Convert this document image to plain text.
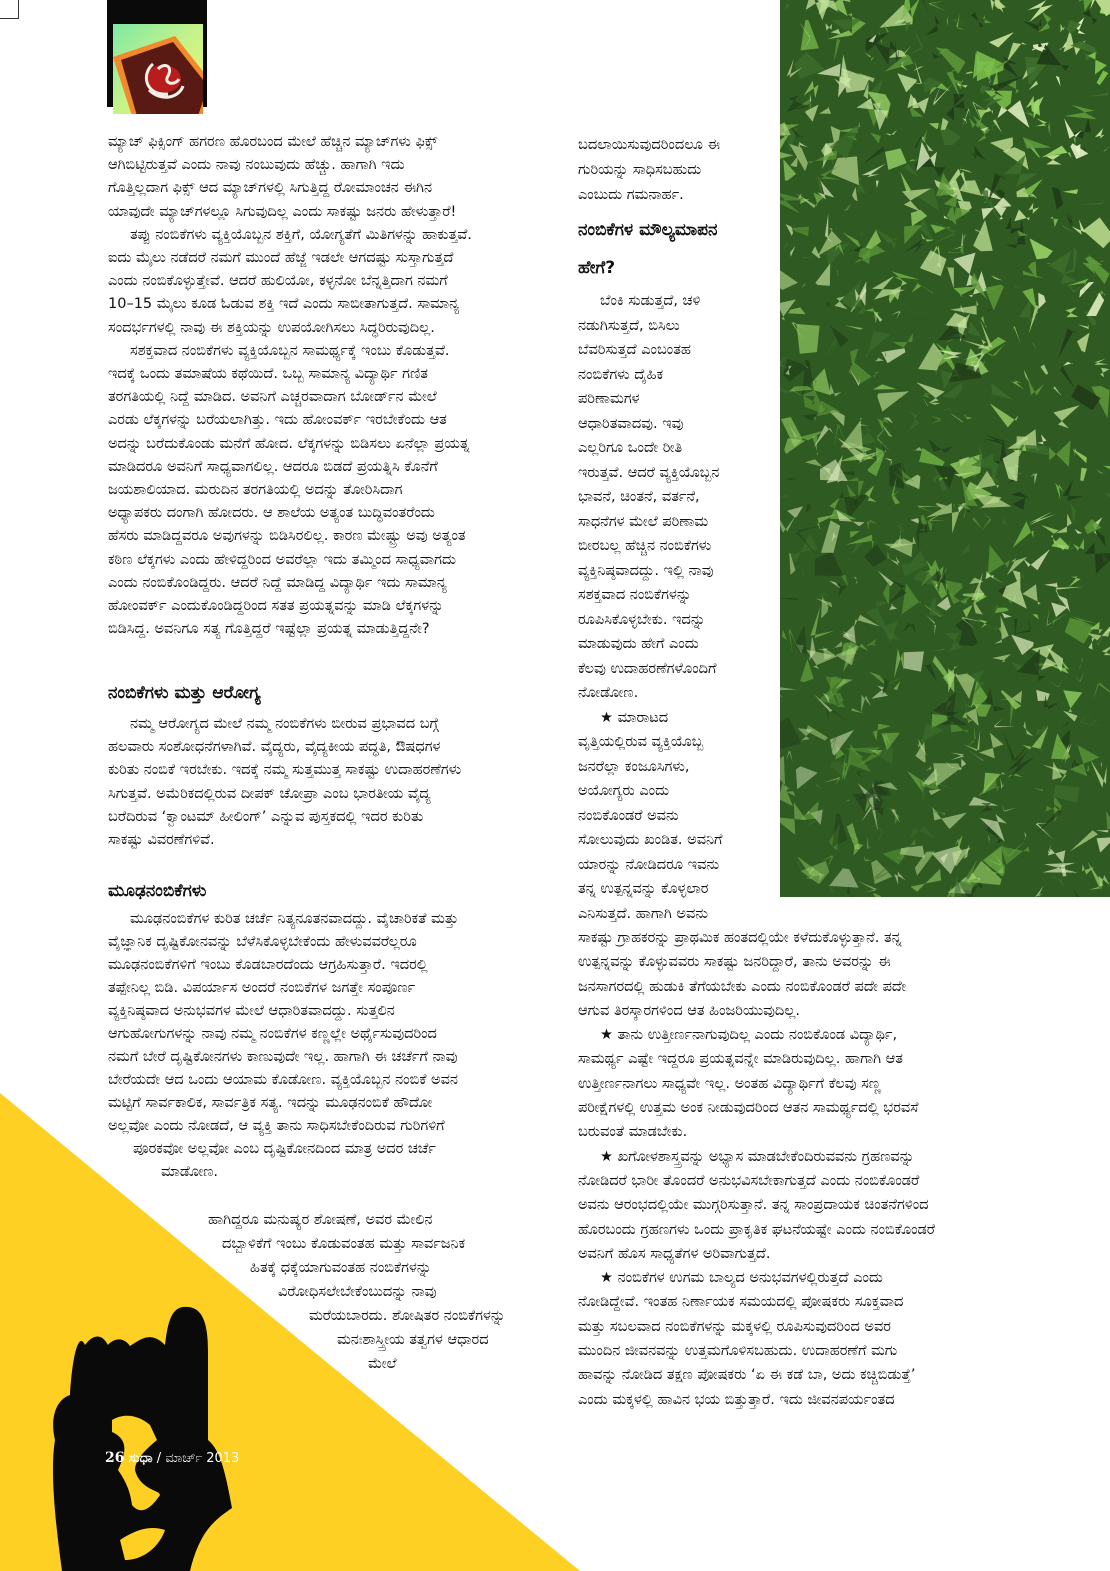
ಮ್ಯಾಚ್ ಫಿಕ್ಸಿಂಗ್ ಹಗರಣ ಹೊರಬಂದ ಮೇಲೆ ಹೆಚ್ಚಿನ ಮ್ಯಾಚ್‌ಗಳು ಫಿಕ್ಸ್
ಆಗಿಬಿಟ್ಟಿರುತ್ತವೆ ಎಂದು ನಾವು ನಂಬುವುದು ಹೆಚ್ಚು. ಹಾಗಾಗಿ ಇದು
ಗೊತ್ತಿಲ್ಲದಾಗ ಫಿಕ್ಸ್ ಆದ ಮ್ಯಾಚ್‌ಗಳಲ್ಲಿ ಸಿಗುತ್ತಿದ್ದ ರೋಮಾಂಚನ ಈಗಿನ
ಯಾವುದೇ ಮ್ಯಾಚ್‌ಗಳಲ್ಲೂ ಸಿಗುವುದಿಲ್ಲ ಎಂದು ಸಾಕಷ್ಟು ಜನರು ಹೇಳುತ್ತಾರೆ!
ತಪ್ಪು ನಂಬಿಕೆಗಳು ವ್ಯಕ್ತಿಯೊಬ್ಬನ ಶಕ್ತಿಗೆ, ಯೋಗ್ಯತೆಗೆ ಮಿತಿಗಳನ್ನು ಹಾಕುತ್ತವೆ.
ಐದು ಮೈಲು ನಡೆದರೆ ನಮಗೆ ಮುಂದೆ ಹೆಜ್ಜೆ ಇಡಲೇ ಆಗದಷ್ಟು ಸುಸ್ತಾಗುತ್ತದೆ
ಎಂದು ನಂಬಿಕೊಳ್ಳುತ್ತೇವೆ. ಆದರೆ ಹುಲಿಯೋ, ಕಳ್ಳನೋ ಬೆನ್ನತ್ತಿದಾಗ ನಮಗೆ
10–15 ಮೈಲು ಕೂಡ ಓಡುವ ಶಕ್ತಿ ಇದೆ ಎಂದು ಸಾಬೀತಾಗುತ್ತದೆ. ಸಾಮಾನ್ಯ
ಸಂದರ್ಭಗಳಲ್ಲಿ ನಾವು ಈ ಶಕ್ತಿಯನ್ನು ಉಪಯೋಗಿಸಲು ಸಿದ್ಧರಿರುವುದಿಲ್ಲ.
ಸಶಕ್ತವಾದ ನಂಬಿಕೆಗಳು ವ್ಯಕ್ತಿಯೊಬ್ಬನ ಸಾಮರ್ಥ್ಯಕ್ಕೆ ಇಂಬು ಕೊಡುತ್ತವೆ.
ಇದಕ್ಕೆ ಒಂದು ತಮಾಷೆಯ ಕಥೆಯಿದೆ. ಒಬ್ಬ ಸಾಮಾನ್ಯ ವಿದ್ಯಾರ್ಥಿ ಗಣಿತ
ತರಗತಿಯಲ್ಲಿ ನಿದ್ದೆ ಮಾಡಿದ. ಅವನಿಗೆ ಎಚ್ಚರವಾದಾಗ ಬೋರ್ಡ್‌ನ ಮೇಲೆ
ಎರಡು ಲೆಕ್ಕಗಳನ್ನು ಬರೆಯಲಾಗಿತ್ತು. ಇದು ಹೋಂವರ್ಕ್ ಇರಬೇಕೆಂದು ಆತ
ಅದನ್ನು ಬರೆದುಕೊಂಡು ಮನೆಗೆ ಹೋದ. ಲೆಕ್ಕಗಳನ್ನು ಬಿಡಿಸಲು ಏನೆಲ್ಲಾ ಪ್ರಯತ್ನ
ಮಾಡಿದರೂ ಅವನಿಗೆ ಸಾಧ್ಯವಾಗಲಿಲ್ಲ. ಆದರೂ ಬಿಡದೆ ಪ್ರಯತ್ನಿಸಿ ಕೊನೆಗೆ
ಜಯಶಾಲಿಯಾದ. ಮರುದಿನ ತರಗತಿಯಲ್ಲಿ ಅದನ್ನು ತೋರಿಸಿದಾಗ
ಅಧ್ಯಾಪಕರು ದಂಗಾಗಿ ಹೋದರು. ಆ ಶಾಲೆಯ ಅತ್ಯಂತ ಬುದ್ಧಿವಂತರೆಂದು
ಹೆಸರು ಮಾಡಿದ್ದವರೂ ಅವುಗಳನ್ನು ಬಿಡಿಸಿರಲಿಲ್ಲ. ಕಾರಣ ಮೇಷ್ಟ್ರು ಅವು ಅತ್ಯಂತ
ಕಠಿಣ ಲೆಕ್ಕಗಳು ಎಂದು ಹೇಳಿದ್ದರಿಂದ ಅವರೆಲ್ಲಾ ಇದು ತಮ್ಮಿಂದ ಸಾಧ್ಯವಾಗದು
ಎಂದು ನಂಬಿಕೊಂಡಿದ್ದರು. ಆದರೆ ನಿದ್ದೆ ಮಾಡಿದ್ದ ವಿದ್ಯಾರ್ಥಿ ಇದು ಸಾಮಾನ್ಯ
ಹೋಂವರ್ಕ್ ಎಂದುಕೊಂಡಿದ್ದರಿಂದ ಸತತ ಪ್ರಯತ್ನವನ್ನು ಮಾಡಿ ಲೆಕ್ಕಗಳನ್ನು
ಬಿಡಿಸಿದ್ದ. ಅವನಿಗೂ ಸತ್ಯ ಗೊತ್ತಿದ್ದರೆ ಇಷ್ಟೆಲ್ಲಾ ಪ್ರಯತ್ನ ಮಾಡುತ್ತಿದ್ದನೇ?
ನಂಬಿಕೆಗಳು ಮತ್ತು ಆರೋಗ್ಯ
ನಮ್ಮ ಆರೋಗ್ಯದ ಮೇಲೆ ನಮ್ಮ ನಂಬಿಕೆಗಳು ಬೀರುವ ಪ್ರಭಾವದ ಬಗ್ಗೆ
ಹಲವಾರು ಸಂಶೋಧನೆಗಳಾಗಿವೆ. ವೈದ್ಯರು, ವೈದ್ಯಕೀಯ ಪದ್ಧತಿ, ಔಷಧಗಳ
ಕುರಿತು ನಂಬಿಕೆ ಇರಬೇಕು. ಇದಕ್ಕೆ ನಮ್ಮ ಸುತ್ತಮುತ್ತ ಸಾಕಷ್ಟು ಉದಾಹರಣೆಗಳು
ಸಿಗುತ್ತವೆ. ಅಮೆರಿಕದಲ್ಲಿರುವ ದೀಪಕ್ ಚೋಪ್ರಾ ಎಂಬ ಭಾರತೀಯ ವೈದ್ಯ
ಬರೆದಿರುವ ‘ಕ್ವಾಂಟಮ್ ಹೀಲಿಂಗ್’ ಎನ್ನುವ ಪುಸ್ತಕದಲ್ಲಿ ಇದರ ಕುರಿತು
ಸಾಕಷ್ಟು ವಿವರಣೆಗಳಿವೆ.
ಮೂಢನಂಬಿಕೆಗಳು
ಮೂಢನಂಬಿಕೆಗಳ ಕುರಿತ ಚರ್ಚೆ ನಿತ್ಯನೂತನವಾದದ್ದು. ವೈಚಾರಿಕತೆ ಮತ್ತು
ವೈಜ್ಞಾನಿಕ ದೃಷ್ಟಿಕೋನವನ್ನು ಬೆಳೆಸಿಕೊಳ್ಳಬೇಕೆಂದು ಹೇಳುವವರೆಲ್ಲರೂ
ಮೂಢನಂಬಿಕೆಗಳಿಗೆ ಇಂಬು ಕೊಡಬಾರದೆಂದು ಆಗ್ರಹಿಸುತ್ತಾರೆ. ಇದರಲ್ಲಿ
ತಪ್ಪೇನಿಲ್ಲ ಬಿಡಿ. ವಿಪರ್ಯಾಸ ಅಂದರೆ ನಂಬಿಕೆಗಳ ಜಗತ್ತೇ ಸಂಪೂರ್ಣ
ವ್ಯಕ್ತಿನಿಷ್ಠವಾದ ಅನುಭವಗಳ ಮೇಲೆ ಆಧಾರಿತವಾದದ್ದು. ಸುತ್ತಲಿನ
ಆಗುಹೋಗುಗಳನ್ನು ನಾವು ನಮ್ಮ ನಂಬಿಕೆಗಳ ಕಣ್ಣಲ್ಲೇ ಅರ್ಥೈಸುವುದರಿಂದ
ನಮಗೆ ಬೇರೆ ದೃಷ್ಟಿಕೋನಗಳು ಕಾಣುವುದೇ ಇಲ್ಲ. ಹಾಗಾಗಿ ಈ ಚರ್ಚೆಗೆ ನಾವು
ಬೇರೆಯದೇ ಆದ ಒಂದು ಆಯಾಮ ಕೊಡೋಣ. ವ್ಯಕ್ತಿಯೊಬ್ಬನ ನಂಬಿಕೆ ಅವನ
ಮಟ್ಟಿಗೆ ಸಾರ್ವಕಾಲಿಕ, ಸಾರ್ವತ್ರಿಕ ಸತ್ಯ. ಇದನ್ನು ಮೂಢನಂಬಿಕೆ ಹೌದೋ
ಅಲ್ಲವೋ ಎಂದು ನೋಡದೆ, ಆ ವ್ಯಕ್ತಿ ತಾನು ಸಾಧಿಸಬೇಕೆಂದಿರುವ ಗುರಿಗಳಿಗೆ
ಪೂರಕವೋ ಅಲ್ಲವೋ ಎಂಬ ದೃಷ್ಟಿಕೋನದಿಂದ ಮಾತ್ರ ಅದರ ಚರ್ಚೆ
ಮಾಡೋಣ.
ಹಾಗಿದ್ದರೂ ಮನುಷ್ಯರ ಶೋಷಣೆ, ಅವರ ಮೇಲಿನ
ದಬ್ಬಾಳಿಕೆಗೆ ಇಂಬು ಕೊಡುವಂತಹ ಮತ್ತು ಸಾರ್ವಜನಿಕ
ಹಿತಕ್ಕೆ ಧಕ್ಕೆಯಾಗುವಂತಹ ನಂಬಿಕೆಗಳನ್ನು
ವಿರೋಧಿಸಲೇಬೇಕೆಂಬುದನ್ನು ನಾವು
ಮರೆಯಬಾರದು. ಶೋಷಿತರ ನಂಬಿಕೆಗಳನ್ನು
ಮನಃಶಾಸ್ತ್ರೀಯ ತತ್ವಗಳ ಆಧಾರದ
ಮೇಲೆ
ಬದಲಾಯಿಸುವುದರಿಂದಲೂ ಈ
ಗುರಿಯನ್ನು ಸಾಧಿಸಬಹುದು
ಎಂಬುದು ಗಮನಾರ್ಹ.
ನಂಬಿಕೆಗಳ ಮೌಲ್ಯಮಾಪನ
ಹೇಗೆ?
ಬೆಂಕಿ ಸುಡುತ್ತದೆ, ಚಳಿ
ನಡುಗಿಸುತ್ತದೆ, ಬಿಸಿಲು
ಬೆವರಿಸುತ್ತದೆ ಎಂಬಂತಹ
ನಂಬಿಕೆಗಳು ದೈಹಿಕ
ಪರಿಣಾಮಗಳ
ಆಧಾರಿತವಾದವು. ಇವು
ಎಲ್ಲರಿಗೂ ಒಂದೇ ರೀತಿ
ಇರುತ್ತವೆ. ಆದರೆ ವ್ಯಕ್ತಿಯೊಬ್ಬನ
ಭಾವನೆ, ಚಿಂತನೆ, ವರ್ತನೆ,
ಸಾಧನೆಗಳ ಮೇಲೆ ಪರಿಣಾಮ
ಬೀರಬಲ್ಲ ಹೆಚ್ಚಿನ ನಂಬಿಕೆಗಳು
ವ್ಯಕ್ತಿನಿಷ್ಠವಾದದ್ದು. ಇಲ್ಲಿ ನಾವು
ಸಶಕ್ತವಾದ ನಂಬಿಕೆಗಳನ್ನು
ರೂಪಿಸಿಕೊಳ್ಳಬೇಕು. ಇದನ್ನು
ಮಾಡುವುದು ಹೇಗೆ ಎಂದು
ಕೆಲವು ಉದಾಹರಣೆಗಳೊಂದಿಗೆ
ನೋಡೋಣ.
★ ಮಾರಾಟದ
ವೃತ್ತಿಯಲ್ಲಿರುವ ವ್ಯಕ್ತಿಯೊಬ್ಬ
ಜನರೆಲ್ಲಾ ಕಂಜೂಸಿಗಳು,
ಅಯೋಗ್ಯರು ಎಂದು
ನಂಬಿಕೊಂಡರೆ ಅವನು
ಸೋಲುವುದು ಖಂಡಿತ. ಅವನಿಗೆ
ಯಾರನ್ನು ನೋಡಿದರೂ ಇವನು
ತನ್ನ ಉತ್ಪನ್ನವನ್ನು ಕೊಳ್ಳಲಾರ
ಎನಿಸುತ್ತದೆ. ಹಾಗಾಗಿ ಅವನು
ಸಾಕಷ್ಟು ಗ್ರಾಹಕರನ್ನು ಪ್ರಾಥಮಿಕ ಹಂತದಲ್ಲಿಯೇ ಕಳೆದುಕೊಳ್ಳುತ್ತಾನೆ. ತನ್ನ
ಉತ್ಪನ್ನವನ್ನು ಕೊಳ್ಳುವವರು ಸಾಕಷ್ಟು ಜನರಿದ್ದಾರೆ, ತಾನು ಅವರನ್ನು ಈ
ಜನಸಾಗರದಲ್ಲಿ ಹುಡುಕಿ ತೆಗೆಯಬೇಕು ಎಂದು ನಂಬಿಕೊಂಡರೆ ಪದೇ ಪದೇ
ಆಗುವ ತಿರಸ್ಕಾರಗಳಿಂದ ಆತ ಹಿಂಜರಿಯುವುದಿಲ್ಲ.
★ ತಾನು ಉತ್ತೀರ್ಣನಾಗುವುದಿಲ್ಲ ಎಂದು ನಂಬಿಕೊಂಡ ವಿದ್ಯಾರ್ಥಿ,
ಸಾಮರ್ಥ್ಯ ಎಷ್ಟೇ ಇದ್ದರೂ ಪ್ರಯತ್ನವನ್ನೇ ಮಾಡಿರುವುದಿಲ್ಲ. ಹಾಗಾಗಿ ಆತ
ಉತ್ತೀರ್ಣನಾಗಲು ಸಾಧ್ಯವೇ ಇಲ್ಲ. ಅಂತಹ ವಿದ್ಯಾರ್ಥಿಗೆ ಕೆಲವು ಸಣ್ಣ
ಪರೀಕ್ಷೆಗಳಲ್ಲಿ ಉತ್ತಮ ಅಂಕ ನೀಡುವುದರಿಂದ ಆತನ ಸಾಮರ್ಥ್ಯದಲ್ಲಿ ಭರವಸೆ
ಬರುವಂತೆ ಮಾಡಬೇಕು.
★ ಖಗೋಳಶಾಸ್ತ್ರವನ್ನು ಅಭ್ಯಾಸ ಮಾಡಬೇಕೆಂದಿರುವವನು ಗ್ರಹಣವನ್ನು
ನೋಡಿದರೆ ಭಾರೀ ತೊಂದರೆ ಅನುಭವಿಸಬೇಕಾಗುತ್ತದೆ ಎಂದು ನಂಬಿಕೊಂಡರೆ
ಅವನು ಆರಂಭದಲ್ಲಿಯೇ ಮುಗ್ಗರಿಸುತ್ತಾನೆ. ತನ್ನ ಸಾಂಪ್ರದಾಯಕ ಚಿಂತನೆಗಳಿಂದ
ಹೊರಬಂದು ಗ್ರಹಣಗಳು ಒಂದು ಪ್ರಾಕೃತಿಕ ಘಟನೆಯಷ್ಟೇ ಎಂದು ನಂಬಿಕೊಂಡರೆ
ಅವನಿಗೆ ಹೊಸ ಸಾಧ್ಯತೆಗಳ ಅರಿವಾಗುತ್ತದೆ.
★ ನಂಬಿಕೆಗಳ ಉಗಮ ಬಾಲ್ಯದ ಅನುಭವಗಳಲ್ಲಿರುತ್ತದೆ ಎಂದು
ನೋಡಿದ್ದೇವೆ. ಇಂತಹ ನಿರ್ಣಾಯಕ ಸಮಯದಲ್ಲಿ ಪೋಷಕರು ಸೂಕ್ತವಾದ
ಮತ್ತು ಸಬಲವಾದ ನಂಬಿಕೆಗಳನ್ನು ಮಕ್ಕಳಲ್ಲಿ ರೂಪಿಸುವುದರಿಂದ ಅವರ
ಮುಂದಿನ ಜೀವನವನ್ನು ಉತ್ತಮಗೊಳಿಸಬಹುದು. ಉದಾಹರಣೆಗೆ ಮಗು
ಹಾವನ್ನು ನೋಡಿದ ತಕ್ಷಣ ಪೋಷಕರು ‘ಏ ಈ ಕಡೆ ಬಾ, ಅದು ಕಚ್ಚಿಬಿಡುತ್ತೆ’
ಎಂದು ಮಕ್ಕಳಲ್ಲಿ ಹಾವಿನ ಭಯ ಬಿತ್ತುತ್ತಾರೆ. ಇದು ಜೀವನಪರ್ಯಂತದ
26 ಸುಧಾ / ಮಾರ್ಚ್ 2013
